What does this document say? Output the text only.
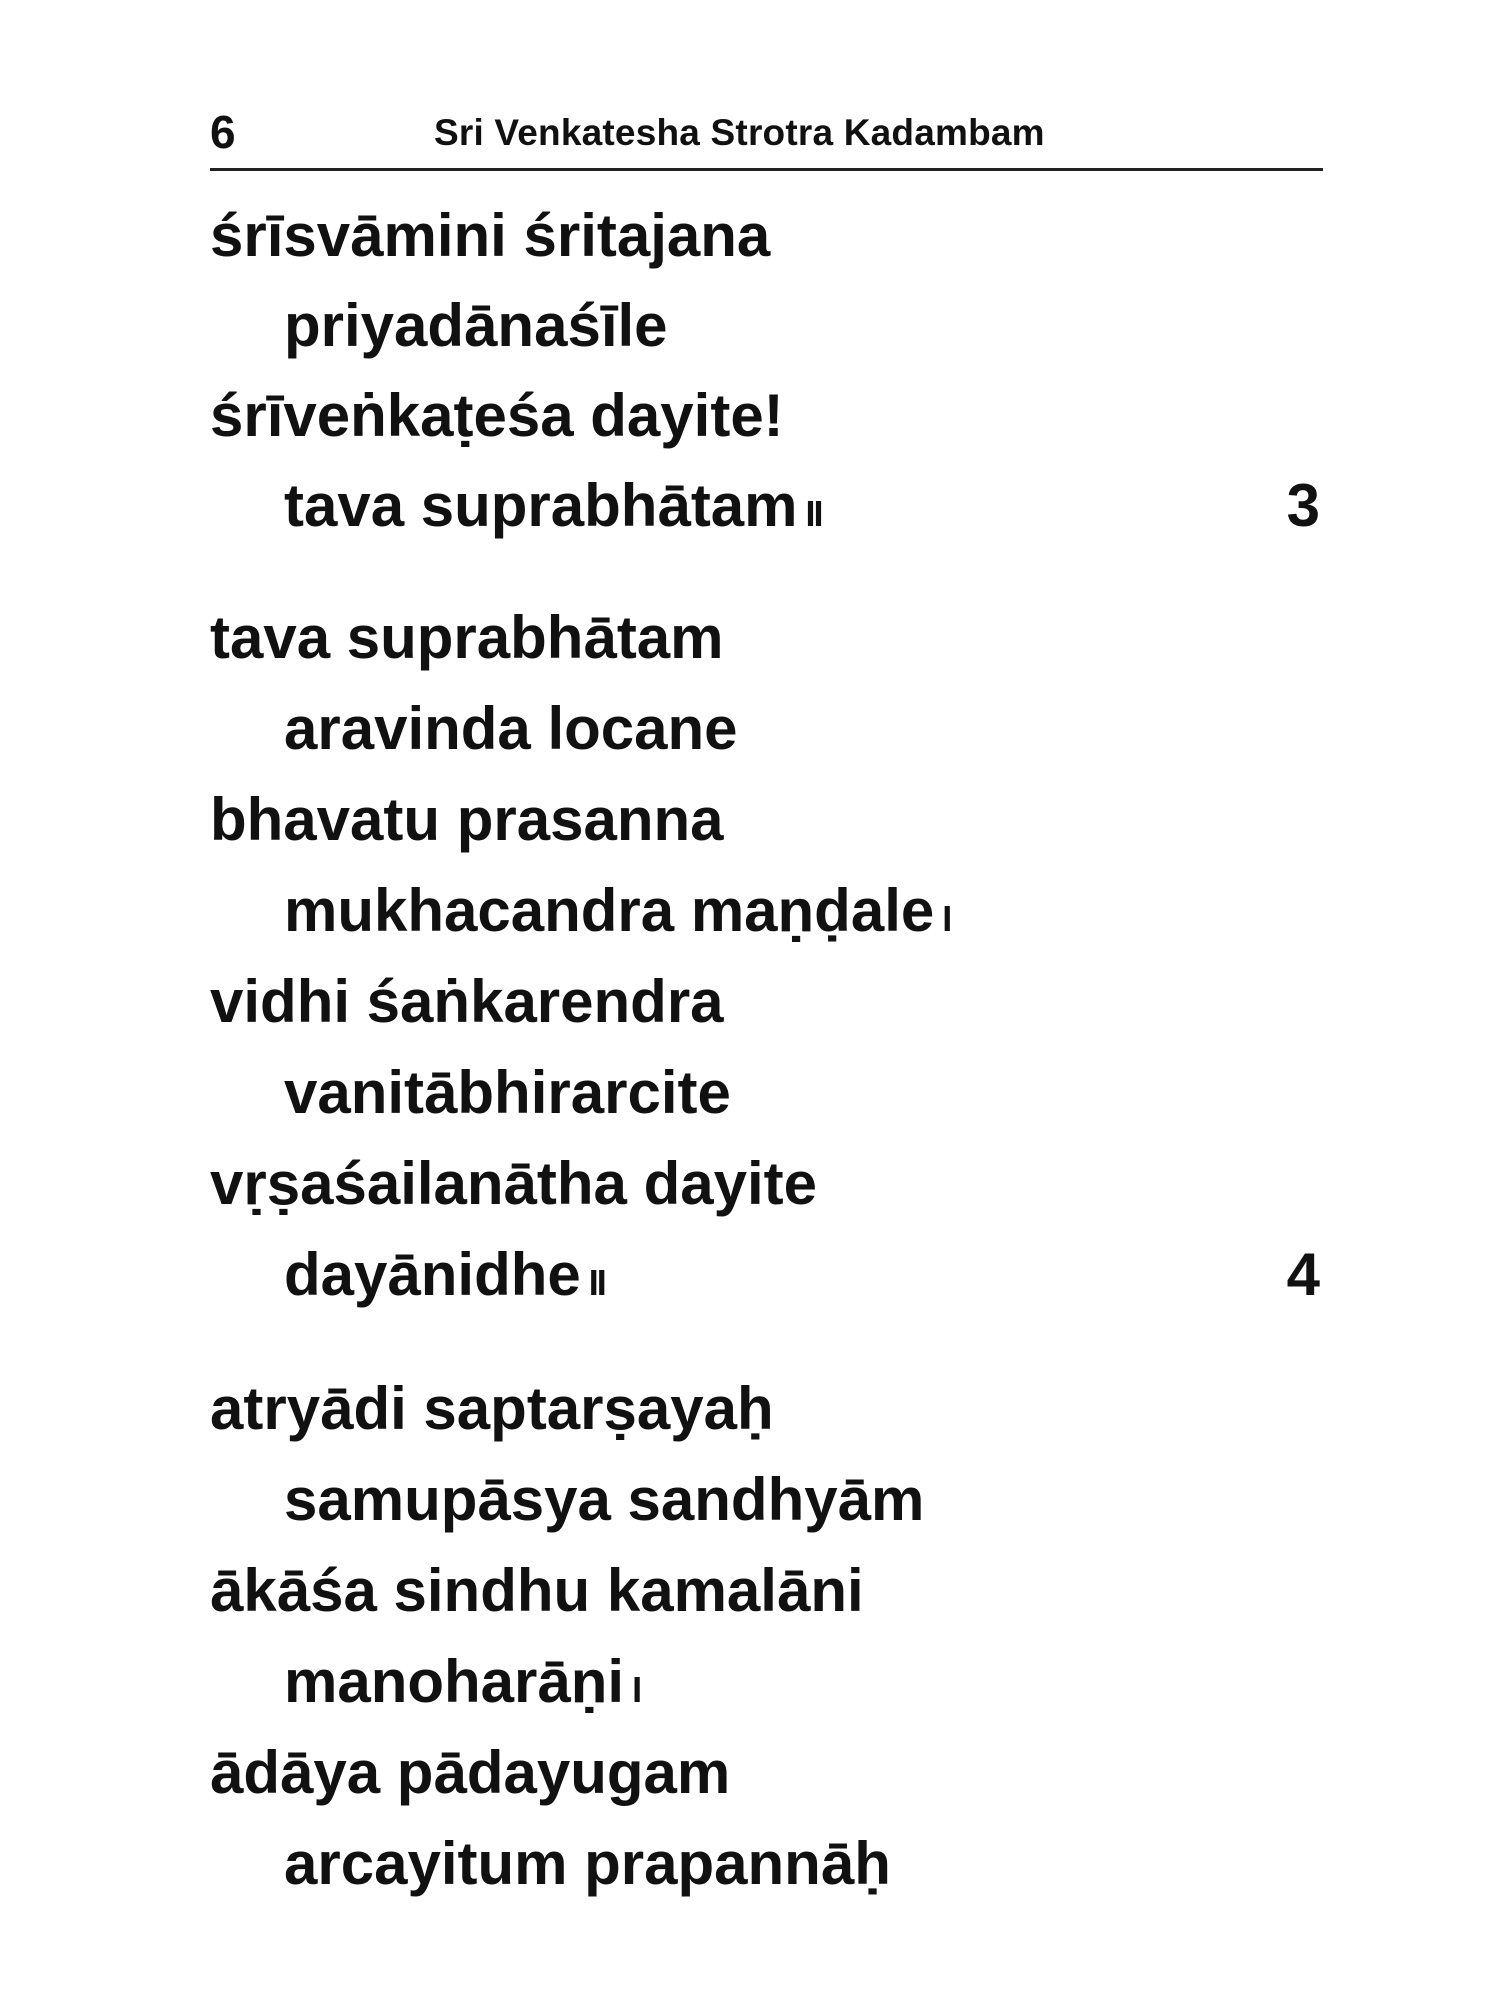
6	Sri Venkatesha Strotra Kadambam
śrīsvāmini śritajana
priyadānaśīle
śrīveṅkaṭeśa dayite!
tava suprabhātam II	3
tava suprabhātam
aravinda locane
bhavatu prasanna
mukhacandra maṇḍale I
vidhi śaṅkarendra
vanitābhirarcite
vṛṣaśailanātha dayite
dayānidhe II	4
atryādi saptarṣayaḥ
samupāsya sandhyām
ākāśa sindhu kamalāni
manoharāṇi I
ādāya pādayugam
arcayitum prapannāḥ
